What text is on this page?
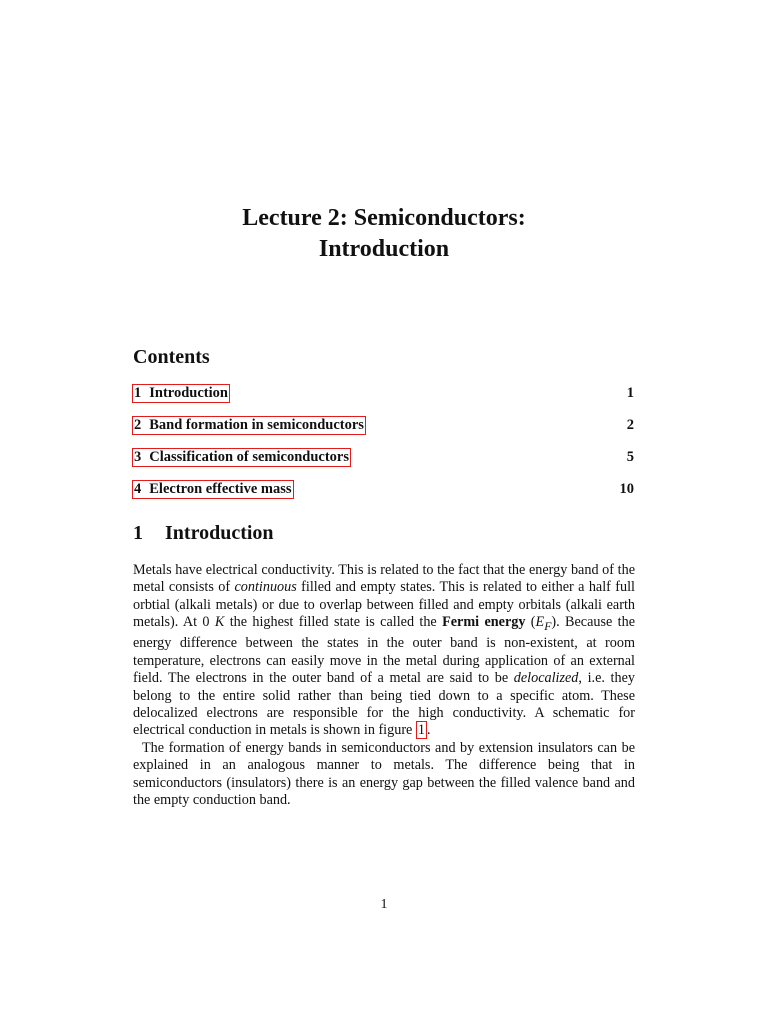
Lecture 2: Semiconductors:
Introduction
Contents
1 Introduction	1
2 Band formation in semiconductors	2
3 Classification of semiconductors	5
4 Electron effective mass	10
1 Introduction

Metals have electrical conductivity. This is related to the fact that the energy band of the metal consists of continuous filled and empty states. This is related to either a half full orbtial (alkali metals) or due to overlap between filled and empty orbitals (alkali earth metals). At 0 K the highest filled state is called the Fermi energy $(E_F)$. Because the energy difference between the states in the outer band is non-existent, at room temperature, electrons can easily move in the metal during application of an external field. The electrons in the outer band of a metal are said to be delocalized, i.e. they belong to the entire solid rather than being tied down to a specific atom. These delocalized electrons are responsible for the high conductivity. A schematic for electrical conduction in metals is shown in figure 1 .

The formation of energy bands in semiconductors and by extension insulators can be explained in an analogous manner to metals. The difference being that in semiconductors (insulators) there is an energy gap between the filled valence band and the empty conduction band.

1
